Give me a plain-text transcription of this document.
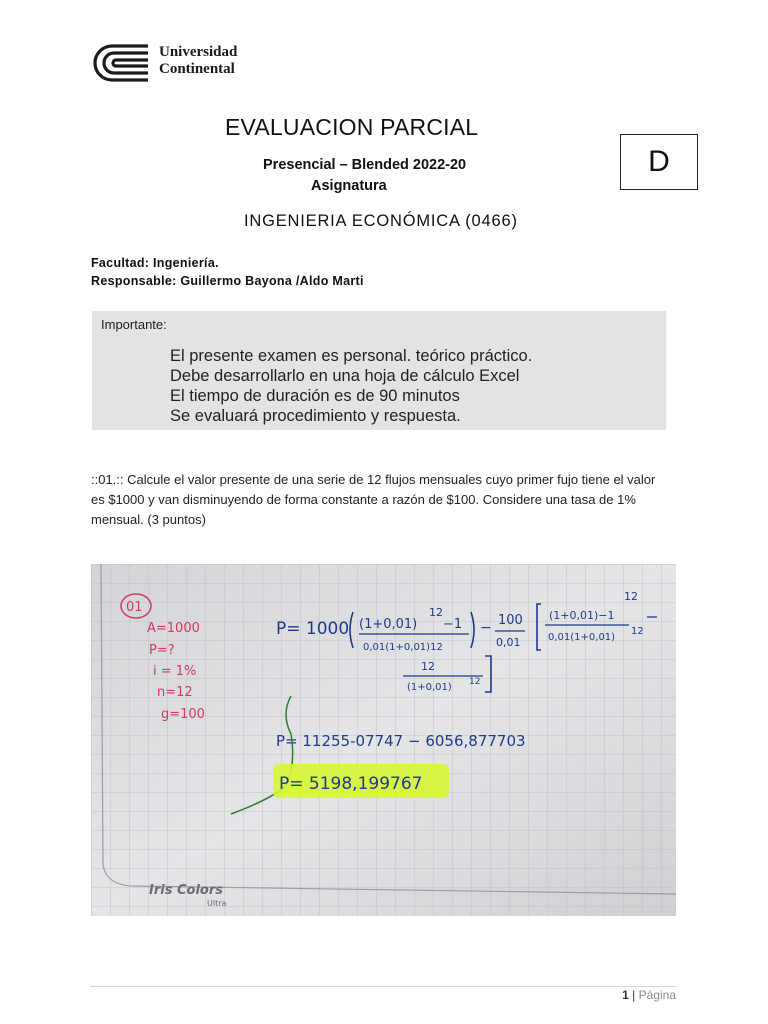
Universidad
Continental
EVALUACION PARCIAL
Presencial – Blended 2022-20
Asignatura
D
INGENIERIA ECONÓMICA (0466)
Facultad: Ingeniería.
Responsable: Guillermo Bayona /Aldo Marti
Importante:
El presente examen es personal. teórico práctico.
Debe desarrollarlo en una hoja de cálculo Excel
El tiempo de duración es de 90 minutos
Se evaluará procedimiento y respuesta.
::01.:: Calcule el valor presente de una serie de 12 flujos mensuales cuyo primer fujo tiene el valor es $1000 y van disminuyendo de forma constante a razón de $100. Considere una tasa de 1% mensual. (3 puntos)
01
A=1000
P=?
i = 1%
n=12
g=100
P= 1000 (1+0,01)
12
−1
0,01(1+0,01)12
− 100
0,01
12
(1+0,01)−1
0,01(1+0,01)
12
12
(1+0,01) 12
P= 11255-07747 − 6056,877703
P= 5198,199767
Iris Colors
Ultra
1 | Página
